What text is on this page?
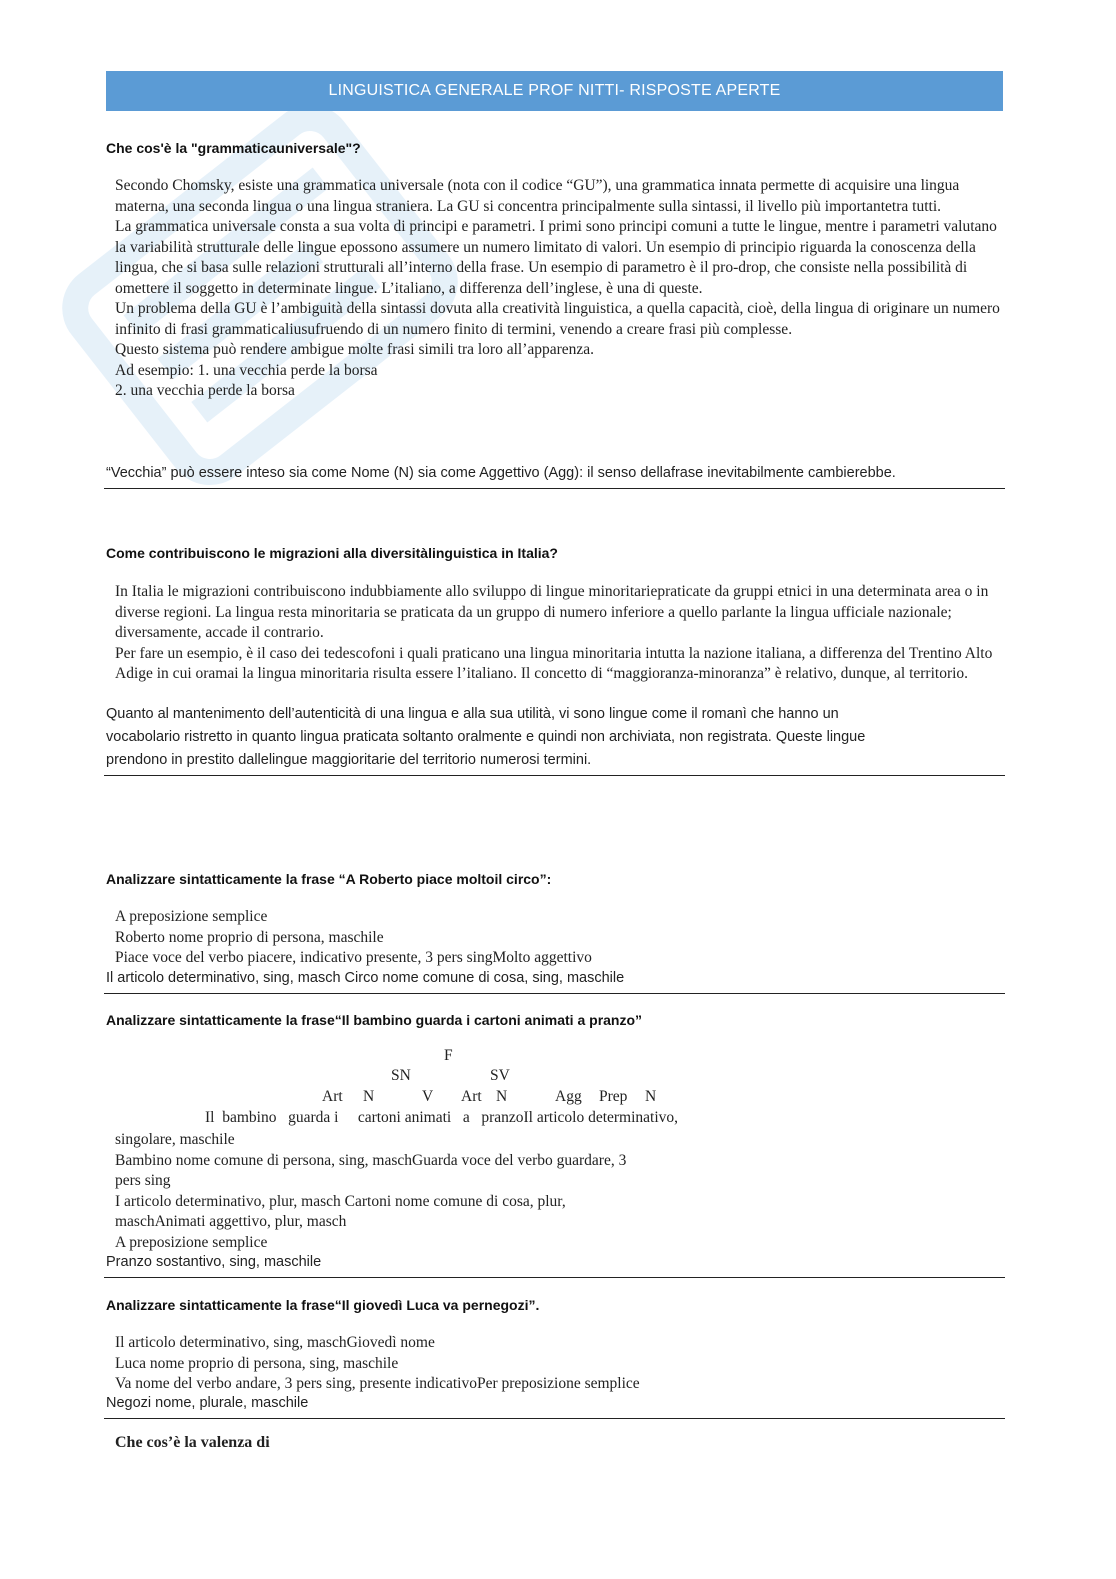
LINGUISTICA GENERALE PROF NITTI- RISPOSTE APERTE
Che cos'è la "grammaticauniversale"?

Secondo Chomsky, esiste una grammatica universale (nota con il codice “GU”), una grammatica innata permette di acquisire una lingua materna, una seconda lingua o una lingua straniera. La GU si concentra principalmente sulla sintassi, il livello più importantetra tutti.

La grammatica universale consta a sua volta di principi e parametri. I primi sono principi comuni a tutte le lingue, mentre i parametri valutano la variabilità strutturale delle lingue epossono assumere un numero limitato di valori. Un esempio di principio riguarda la conoscenza della lingua, che si basa sulle relazioni strutturali all’interno della frase. Un esempio di parametro è il pro-drop, che consiste nella possibilità di omettere il soggetto in determinate lingue. L’italiano, a differenza dell’inglese, è una di queste.

Un problema della GU è l’ambiguità della sintassi dovuta alla creatività linguistica, a quella capacità, cioè, della lingua di originare un numero infinito di frasi grammaticaliusufruendo di un numero finito di termini, venendo a creare frasi più complesse.

Questo sistema può rendere ambigue molte frasi simili tra loro all’apparenza.

Ad esempio: 1. una vecchia perde la borsa

2. una vecchia perde la borsa

“Vecchia” può essere inteso sia come Nome (N) sia come Aggettivo (Agg): il senso dellafrase inevitabilmente cambierebbe.

Come contribuiscono le migrazioni alla diversitàlinguistica in Italia?

In Italia le migrazioni contribuiscono indubbiamente allo sviluppo di lingue minoritariepraticate da gruppi etnici in una determinata area o in diverse regioni. La lingua resta minoritaria se praticata da un gruppo di numero inferiore a quello parlante la lingua ufficiale nazionale; diversamente, accade il contrario.

Per fare un esempio, è il caso dei tedescofoni i quali praticano una lingua minoritaria intutta la nazione italiana, a differenza del Trentino Alto Adige in cui oramai la lingua minoritaria risulta essere l’italiano. Il concetto di “maggioranza-minoranza” è relativo, dunque, al territorio.

Quanto al mantenimento dell’autenticità di una lingua e alla sua utilità, vi sono lingue come il romanì che hanno un

vocabolario ristretto in quanto lingua praticata soltanto oralmente e quindi non archiviata, non registrata. Queste lingue

prendono in prestito dallelingue maggioritarie del territorio numerosi termini.

Analizzare sintatticamente la frase “A Roberto piace moltoil circo”:

A preposizione semplice

Roberto nome proprio di persona, maschile

Piace voce del verbo piacere, indicativo presente, 3 pers singMolto aggettivo

Il articolo determinativo, sing, masch Circo nome comune di cosa, sing, maschile

Analizzare sintatticamente la frase“Il bambino guarda i cartoni animati a pranzo”
F
SN	SV
Art N	V Art N	Agg Prep N
Il  bambino   guarda i     cartoni animati   a   pranzoIl articolo determinativo,

singolare, maschile

Bambino nome comune di persona, sing, maschGuarda voce del verbo guardare, 3

pers sing

I articolo determinativo, plur, masch Cartoni nome comune di cosa, plur,

maschAnimati aggettivo, plur, masch

A preposizione semplice

Pranzo sostantivo, sing, maschile

Analizzare sintatticamente la frase“Il giovedì Luca va pernegozi”.

Il articolo determinativo, sing, maschGiovedì nome

Luca nome proprio di persona, sing, maschile

Va nome del verbo andare, 3 pers sing, presente indicativoPer preposizione semplice

Negozi nome, plurale, maschile

Che cos’è la valenza di
